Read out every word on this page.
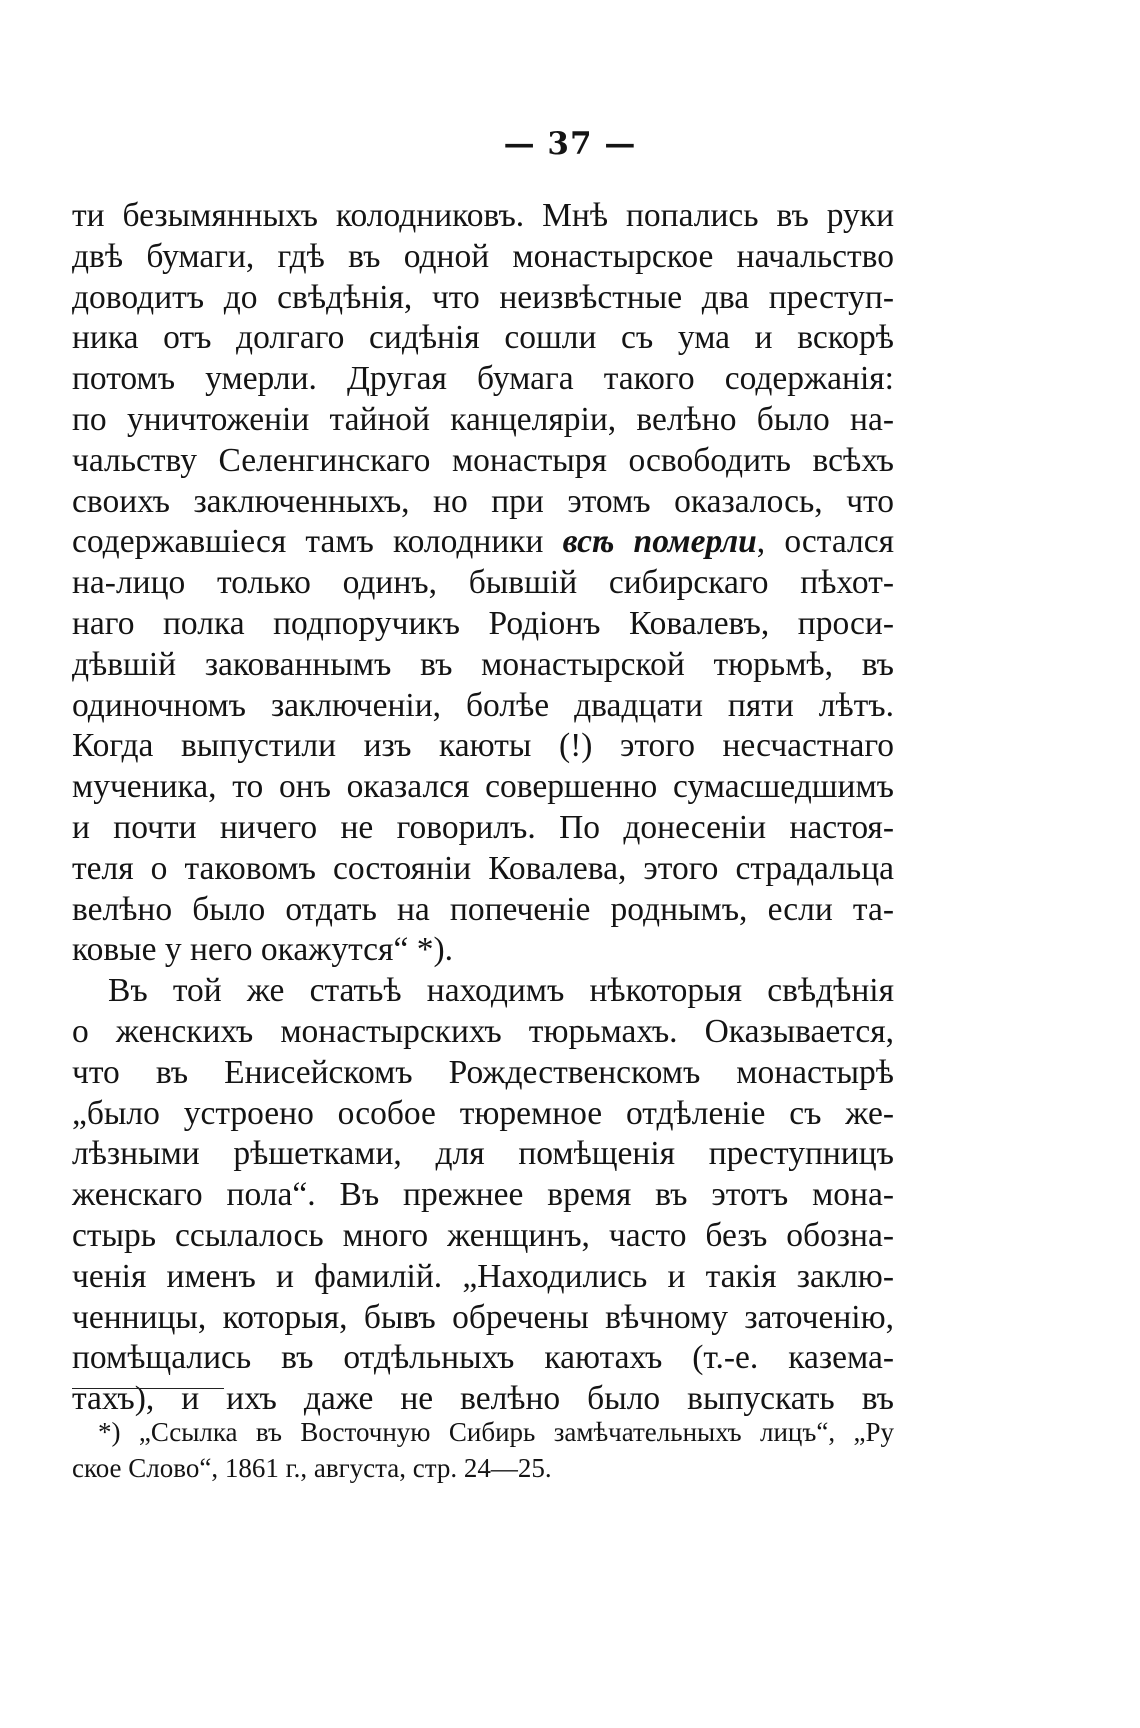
— 37 —
ти безымянныхъ колодниковъ. Мнѣ попались въ руки
двѣ бумаги, гдѣ въ одной монастырское начальство
доводитъ до свѣдѣнія, что неизвѣстные два преступ-
ника отъ долгаго сидѣнія сошли съ ума и вскорѣ
потомъ умерли. Другая бумага такого содержанія:
по уничтоженіи тайной канцеляріи, велѣно было на-
чальству Селенгинскаго монастыря освободить всѣхъ
своихъ заключенныхъ, но при этомъ оказалось, что
содержавшіеся тамъ колодники всѣ померли, остался
на-лицо только одинъ, бывшій сибирскаго пѣхот-
наго полка подпоручикъ Родіонъ Ковалевъ, проси-
дѣвшій закованнымъ въ монастырской тюрьмѣ, въ
одиночномъ заключеніи, болѣе двадцати пяти лѣтъ.
Когда выпустили изъ каюты (!) этого несчастнаго
мученика, то онъ оказался совершенно сумасшедшимъ
и почти ничего не говорилъ. По донесеніи настоя-
теля о таковомъ состояніи Ковалева, этого страдальца
велѣно было отдать на попеченіе роднымъ, если та-
ковые у него окажутся“ *).
Въ той же статьѣ находимъ нѣкоторыя свѣдѣнія
о женскихъ монастырскихъ тюрьмахъ. Оказывается,
что въ Енисейскомъ Рождественскомъ монастырѣ
„было устроено особое тюремное отдѣленіе съ же-
лѣзными рѣшетками, для помѣщенія преступницъ
женскаго пола“. Въ прежнее время въ этотъ мона-
стырь ссылалось много женщинъ, часто безъ обозна-
ченія именъ и фамилій. „Находились и такія заклю-
ченницы, которыя, бывъ обречены вѣчному заточенію,
помѣщались въ отдѣльныхъ каютахъ (т.-е. казема-
тахъ), и ихъ даже не велѣно было выпускать въ
*) „Ссылка въ Восточную Сибирь замѣчательныхъ лицъ“, „Ру
ское Слово“, 1861 г., августа, стр. 24—25.
